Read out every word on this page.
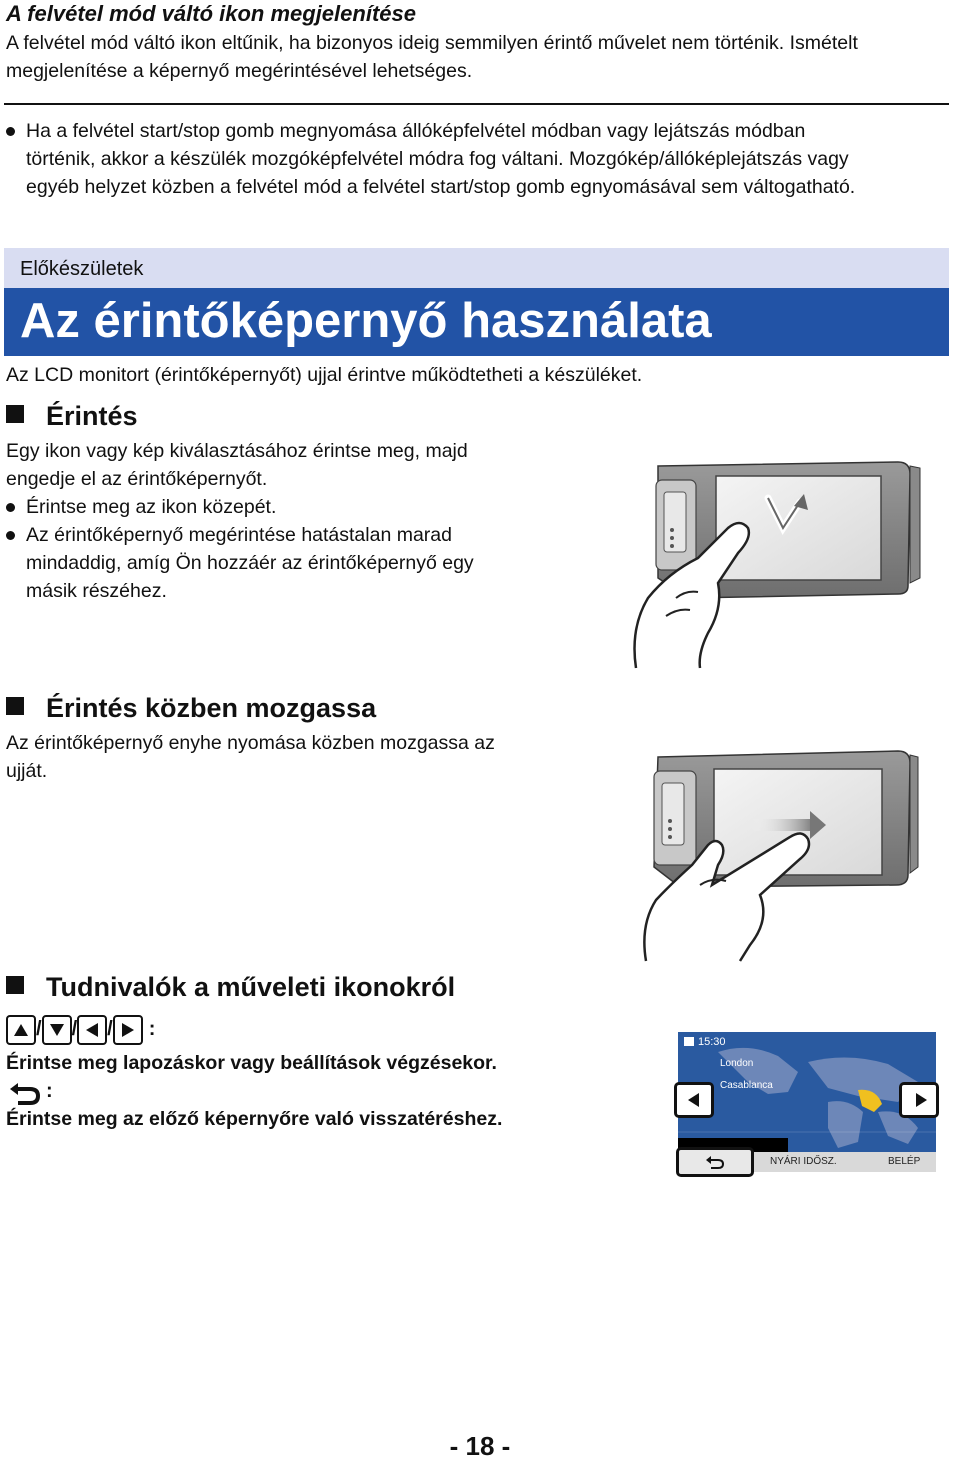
A felvétel mód váltó ikon megjelenítése

A felvétel mód váltó ikon eltűnik, ha bizonyos ideig semmilyen érintő művelet nem történik. Ismételt

megjelenítése a képernyő megérintésével lehetséges.

Ha a felvétel start/stop gomb megnyomása állóképfelvétel módban vagy lejátszás módban

történik, akkor a készülék mozgóképfelvétel módra fog váltani. Mozgókép/állóképlejátszás vagy

egyéb helyzet közben a felvétel mód a felvétel start/stop gomb egnyomásával sem váltogatható.

Előkészületek
Az érintőképernyő használata

Az LCD monitort (érintőképernyőt) ujjal érintve működtetheti a készüléket.

Érintés

Egy ikon vagy kép kiválasztásához érintse meg, majd

engedje el az érintőképernyőt.

Érintse meg az ikon közepét.

Az érintőképernyő megérintése hatástalan marad

mindaddig, amíg Ön hozzáér az érintőképernyő egy

másik részéhez.

Érintés közben mozgassa

Az érintőképernyő enyhe nyomása közben mozgassa az

ujját.

Tudnivalók a műveleti ikonokról
/ / / :

Érintse meg lapozáskor vagy beállítások végzésekor.

:

Érintse meg az előző képernyőre való visszatéréshez.

15:30
London
Casablanca
NYÁRI IDŐSZ.	BELÉP
- 18 -
